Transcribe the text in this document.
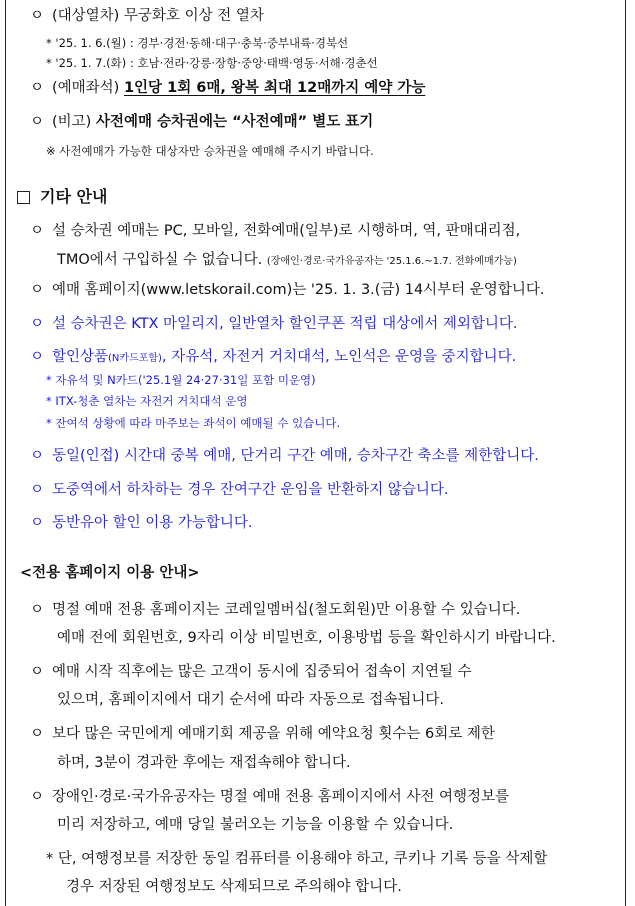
ㅇ (대상열차) 무궁화호 이상 전 열차
* '25. 1. 6.(월) : 경부·경전·동해·대구·충북·중부내륙·경북선
* '25. 1. 7.(화) : 호남·전라·강릉·장항·중앙·태백·영동·서해·경춘선
ㅇ (예매좌석) 1인당 1회 6매, 왕복 최대 12매까지 예약 가능
ㅇ (비고) 사전예매 승차권에는 “사전예매” 별도 표기
※ 사전예매가 가능한 대상자만 승차권을 예매해 주시기 바랍니다.
기타 안내
ㅇ 설 승차권 예매는 PC, 모바일, 전화예매(일부)로 시행하며, 역, 판매대리점,
TMO에서 구입하실 수 없습니다. (장애인·경로·국가유공자는 '25.1.6.~1.7. 전화예매가능)
ㅇ 예매 홈페이지(www.letskorail.com)는 '25. 1. 3.(금) 14시부터 운영합니다.
ㅇ 설 승차권은 KTX 마일리지, 일반열차 할인쿠폰 적립 대상에서 제외합니다.
ㅇ 할인상품(N카드포함), 자유석, 자전거 거치대석, 노인석은 운영을 중지합니다.
* 자유석 및 N카드('25.1월 24·27·31일 포함 미운영)
* ITX-청춘 열차는 자전거 거치대석 운영
* 잔여석 상황에 따라 마주보는 좌석이 예매될 수 있습니다.
ㅇ 동일(인접) 시간대 중복 예매, 단거리 구간 예매, 승차구간 축소를 제한합니다.
ㅇ 도중역에서 하차하는 경우 잔여구간 운임을 반환하지 않습니다.
ㅇ 동반유아 할인 이용 가능합니다.
<전용 홈페이지 이용 안내>
ㅇ 명절 예매 전용 홈페이지는 코레일멤버십(철도회원)만 이용할 수 있습니다.
예매 전에 회원번호, 9자리 이상 비밀번호, 이용방법 등을 확인하시기 바랍니다.
ㅇ 예매 시작 직후에는 많은 고객이 동시에 집중되어 접속이 지연될 수
있으며, 홈페이지에서 대기 순서에 따라 자동으로 접속됩니다.
ㅇ 보다 많은 국민에게 예매기회 제공을 위해 예약요청 횟수는 6회로 제한
하며, 3분이 경과한 후에는 재접속해야 합니다.
ㅇ 장애인·경로·국가유공자는 명절 예매 전용 홈페이지에서 사전 여행정보를
미리 저장하고, 예매 당일 불러오는 기능을 이용할 수 있습니다.
* 단, 여행정보를 저장한 동일 컴퓨터를 이용해야 하고, 쿠키나 기록 등을 삭제할
경우 저장된 여행정보도 삭제되므로 주의해야 합니다.
